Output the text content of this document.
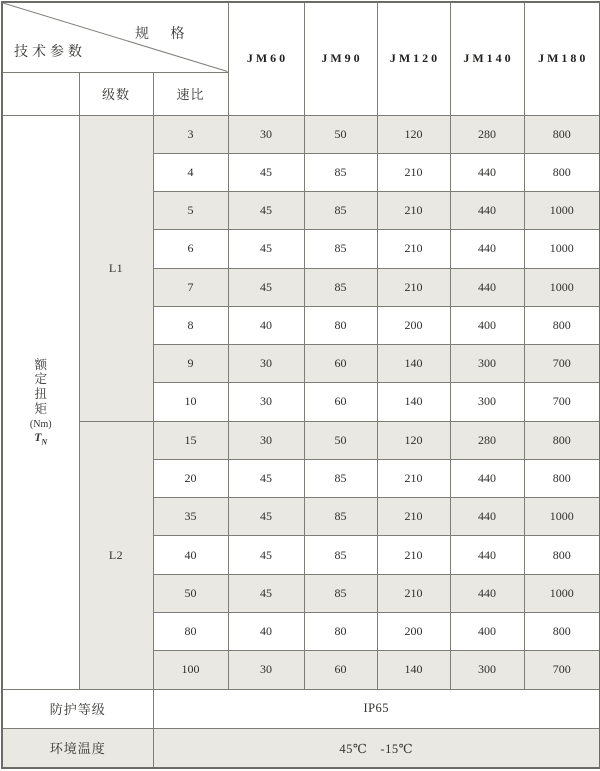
规 格
技术参数			JM60	JM90	JM120	JM140	JM180
	级数	速比					

额
定
扭
矩
(Nm)
$T_N$
	L1	3	30	50	120	280	800
		4	45	85	210	440	800
		5	45	85	210	440	1000
		6	45	85	210	440	1000
		7	45	85	210	440	1000
		8	40	80	200	400	800
		9	30	60	140	300	700
		10	30	60	140	300	700
	L2	15	30	50	120	280	800
		20	45	85	210	440	800
		35	45	85	210	440	1000
		40	45	85	210	440	800
		50	45	85	210	440	1000
		80	40	80	200	400	800
		100	30	60	140	300	700
防护等级		IP65					
环境温度		45℃　-15℃					
